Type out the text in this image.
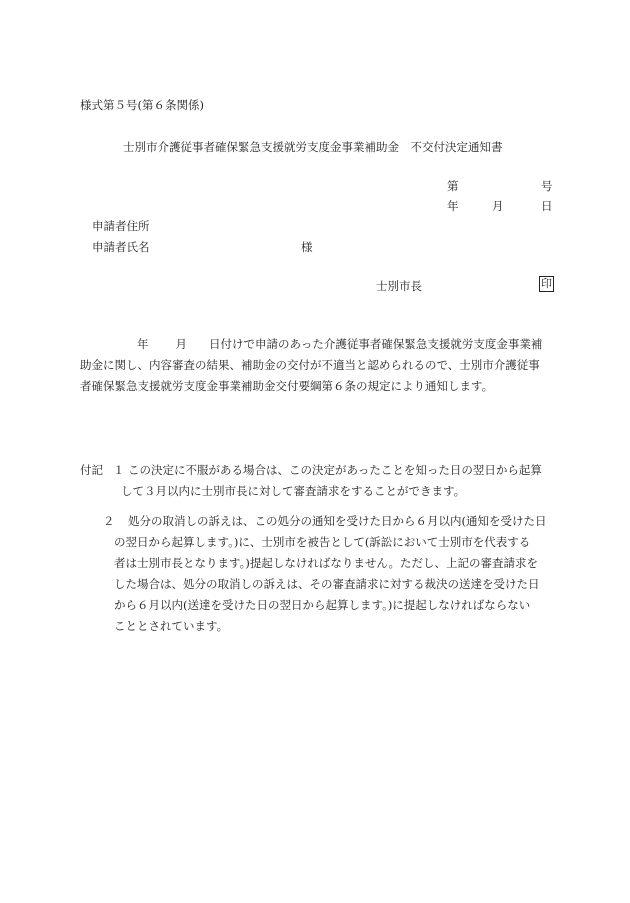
様式第５号(第６条関係)
士別市介護従事者確保緊急支援就労支度金事業補助金　不交付決定通知書
第	号
年	月	日
申請者住所
申請者氏名	様
士別市長	印
年 月 日付けで申請のあった介護従事者確保緊急支援就労支度金事業補
助金に関し、内容審査の結果、補助金の交付が不適当と認められるので、士別市介護従事
者確保緊急支援就労支度金事業補助金交付要綱第６条の規定により通知します。
付記 １ この決定に不服がある場合は、この決定があったことを知った日の翌日から起算
して３月以内に士別市長に対して審査請求をすることができます。
２ 処分の取消しの訴えは、この処分の通知を受けた日から６月以内(通知を受けた日
の翌日から起算します。)に、士別市を被告として(訴訟において士別市を代表する
者は士別市長となります。)提起しなければなりません。ただし、上記の審査請求を
した場合は、処分の取消しの訴えは、その審査請求に対する裁決の送達を受けた日
から６月以内(送達を受けた日の翌日から起算します。)に提起しなければならない
こととされています。
